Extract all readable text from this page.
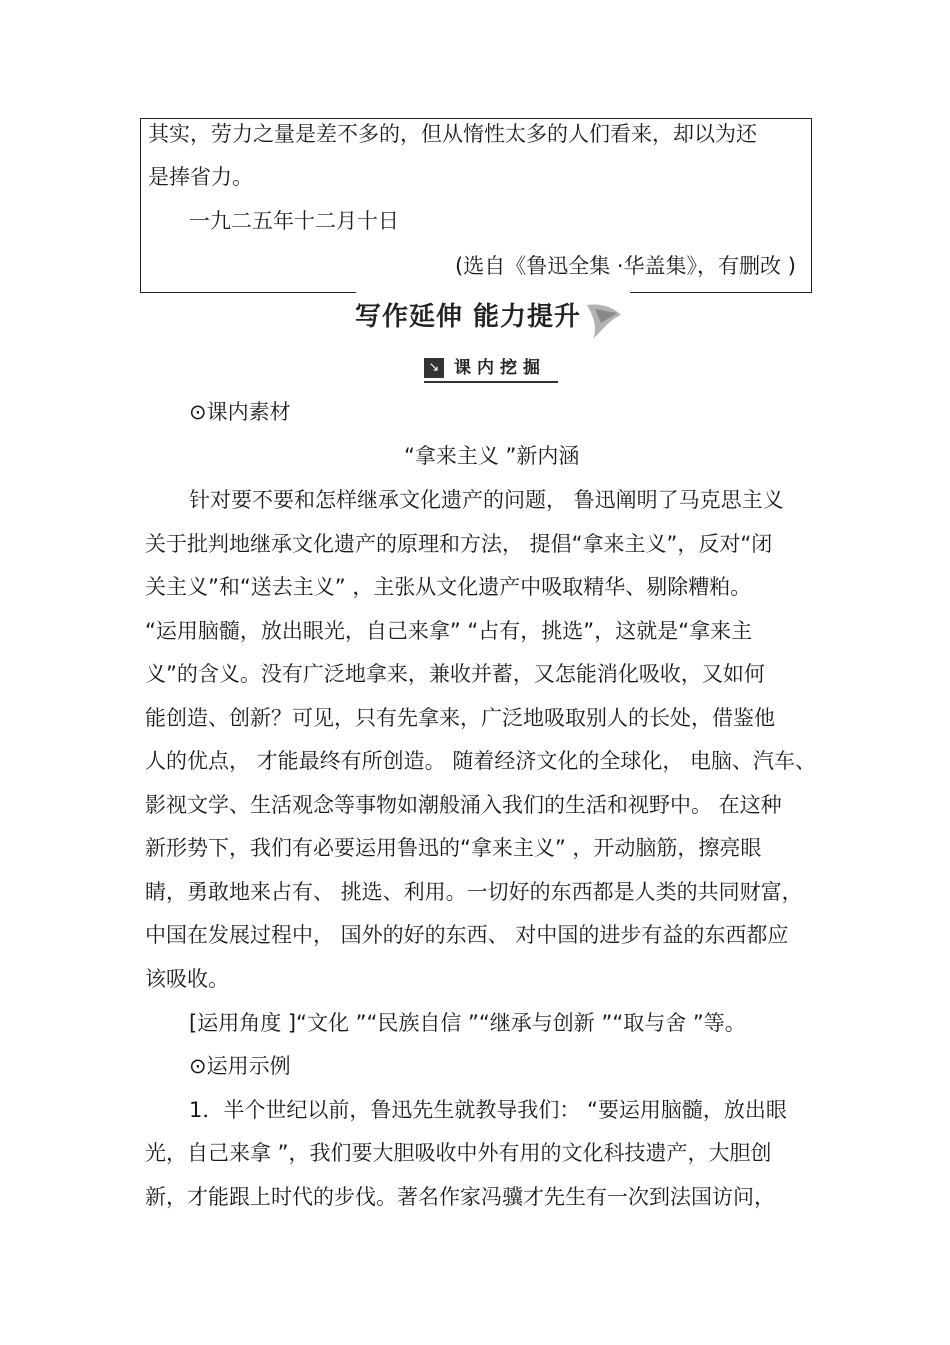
其实，劳力之量是差不多的，但从惰性太多的人们看来，却以为还
是捧省力。
一九二五年十二月十日
(选自《鲁迅全集 ·华盖集》，有删改 )
写作延伸 能力提升
↘ 课内挖掘
⊙课内素材
“拿来主义 ”新内涵
针对要不要和怎样继承文化遗产的问题， 鲁迅阐明了马克思主义
关于批判地继承文化遗产的原理和方法， 提倡“拿来主义”，反对“闭
关主义”和“送去主义” ，主张从文化遗产中吸取精华、剔除糟粕。
“运用脑髓，放出眼光，自己来拿” “占有，挑选”，这就是“拿来主
义”的含义。没有广泛地拿来，兼收并蓄，又怎能消化吸收，又如何
能创造、创新？可见，只有先拿来，广泛地吸取别人的长处，借鉴他
人的优点， 才能最终有所创造。 随着经济文化的全球化， 电脑、汽车、
影视文学、生活观念等事物如潮般涌入我们的生活和视野中。 在这种
新形势下，我们有必要运用鲁迅的“拿来主义” ，开动脑筋，擦亮眼
睛，勇敢地来占有、 挑选、利用。一切好的东西都是人类的共同财富，
中国在发展过程中， 国外的好的东西、 对中国的进步有益的东西都应
该吸收。
[运用角度 ]“文化 ”“民族自信 ”“继承与创新 ”“取与舍 ”等。
⊙运用示例
1．半个世纪以前，鲁迅先生就教导我们： “要运用脑髓，放出眼
光，自己来拿 ”，我们要大胆吸收中外有用的文化科技遗产，大胆创
新，才能跟上时代的步伐。著名作家冯骥才先生有一次到法国访问，
